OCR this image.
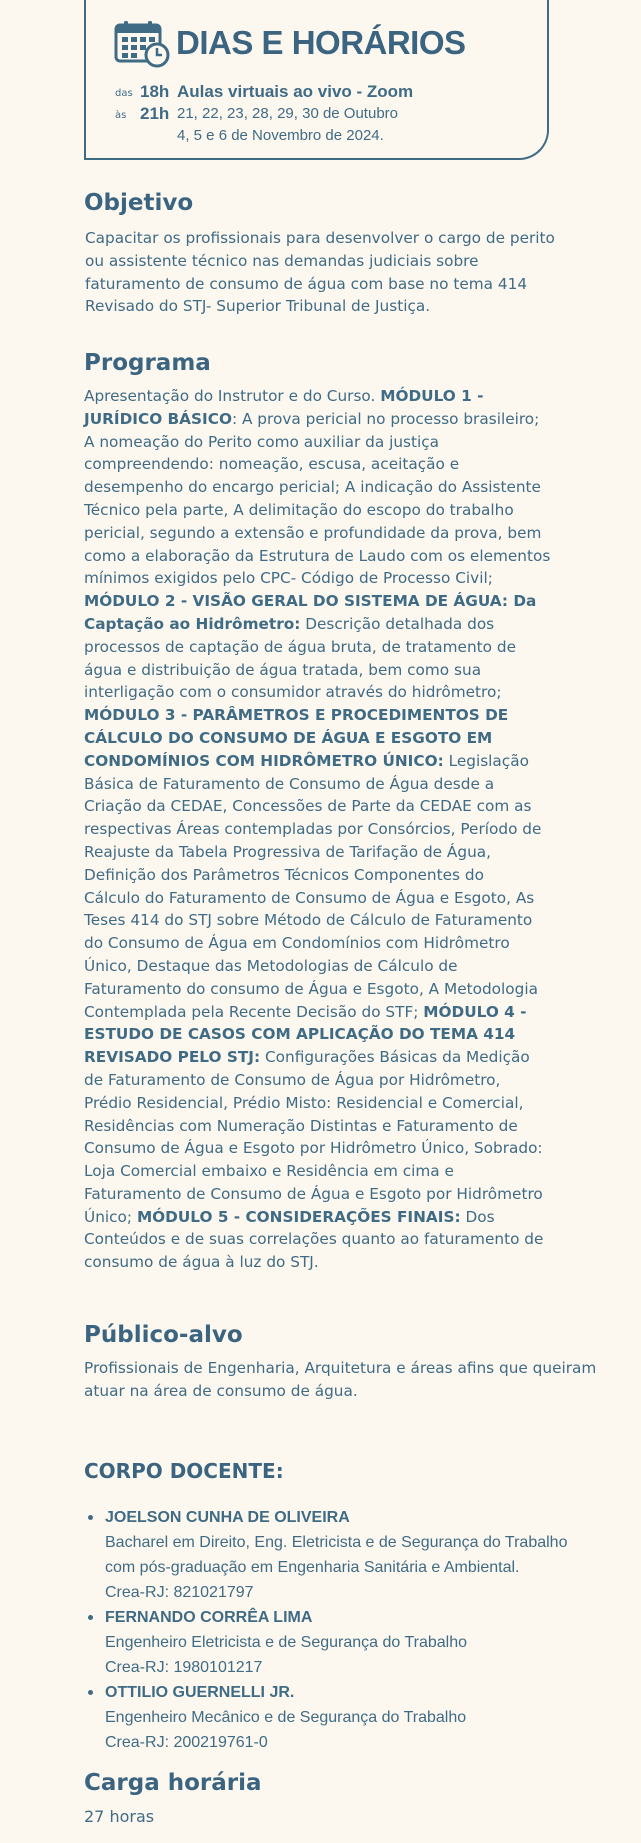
DIAS E HORÁRIOS
das 18h
às 21h
Aulas virtuais ao vivo - Zoom
21, 22, 23, 28, 29, 30 de Outubro
4, 5 e 6 de Novembro de 2024.
Objetivo
Capacitar os profissionais para desenvolver o cargo de perito
ou assistente técnico nas demandas judiciais sobre
faturamento de consumo de água com base no tema 414
Revisado do STJ- Superior Tribunal de Justiça.
Programa
Apresentação do Instrutor e do Curso. MÓDULO 1 -
JURÍDICO BÁSICO: A prova pericial no processo brasileiro;
A nomeação do Perito como auxiliar da justiça
compreendendo: nomeação, escusa, aceitação e
desempenho do encargo pericial; A indicação do Assistente
Técnico pela parte, A delimitação do escopo do trabalho
pericial, segundo a extensão e profundidade da prova, bem
como a elaboração da Estrutura de Laudo com os elementos
mínimos exigidos pelo CPC- Código de Processo Civil;
MÓDULO 2 - VISÃO GERAL DO SISTEMA DE ÁGUA: Da
Captação ao Hidrômetro: Descrição detalhada dos
processos de captação de água bruta, de tratamento de
água e distribuição de água tratada, bem como sua
interligação com o consumidor através do hidrômetro;
MÓDULO 3 - PARÂMETROS E PROCEDIMENTOS DE
CÁLCULO DO CONSUMO DE ÁGUA E ESGOTO EM
CONDOMÍNIOS COM HIDRÔMETRO ÚNICO: Legislação
Básica de Faturamento de Consumo de Água desde a
Criação da CEDAE, Concessões de Parte da CEDAE com as
respectivas Áreas contempladas por Consórcios, Período de
Reajuste da Tabela Progressiva de Tarifação de Água,
Definição dos Parâmetros Técnicos Componentes do
Cálculo do Faturamento de Consumo de Água e Esgoto, As
Teses 414 do STJ sobre Método de Cálculo de Faturamento
do Consumo de Água em Condomínios com Hidrômetro
Único, Destaque das Metodologias de Cálculo de
Faturamento do consumo de Água e Esgoto, A Metodologia
Contemplada pela Recente Decisão do STF; MÓDULO 4 -
ESTUDO DE CASOS COM APLICAÇÃO DO TEMA 414
REVISADO PELO STJ: Configurações Básicas da Medição
de Faturamento de Consumo de Água por Hidrômetro,
Prédio Residencial, Prédio Misto: Residencial e Comercial,
Residências com Numeração Distintas e Faturamento de
Consumo de Água e Esgoto por Hidrômetro Único, Sobrado:
Loja Comercial embaixo e Residência em cima e
Faturamento de Consumo de Água e Esgoto por Hidrômetro
Único; MÓDULO 5 - CONSIDERAÇÕES FINAIS: Dos
Conteúdos e de suas correlações quanto ao faturamento de
consumo de água à luz do STJ.
Público-alvo
Profissionais de Engenharia, Arquitetura e áreas afins que queiram
atuar na área de consumo de água.
CORPO DOCENTE:
JOELSON CUNHA DE OLIVEIRA
Bacharel em Direito, Eng. Eletricista e de Segurança do Trabalho
com pós-graduação em Engenharia Sanitária e Ambiental.
Crea-RJ: 821021797
FERNANDO CORRÊA LIMA
Engenheiro Eletricista e de Segurança do Trabalho
Crea-RJ: 1980101217
OTTILIO GUERNELLI JR.
Engenheiro Mecânico e de Segurança do Trabalho
Crea-RJ: 200219761-0
Carga horária
27 horas
